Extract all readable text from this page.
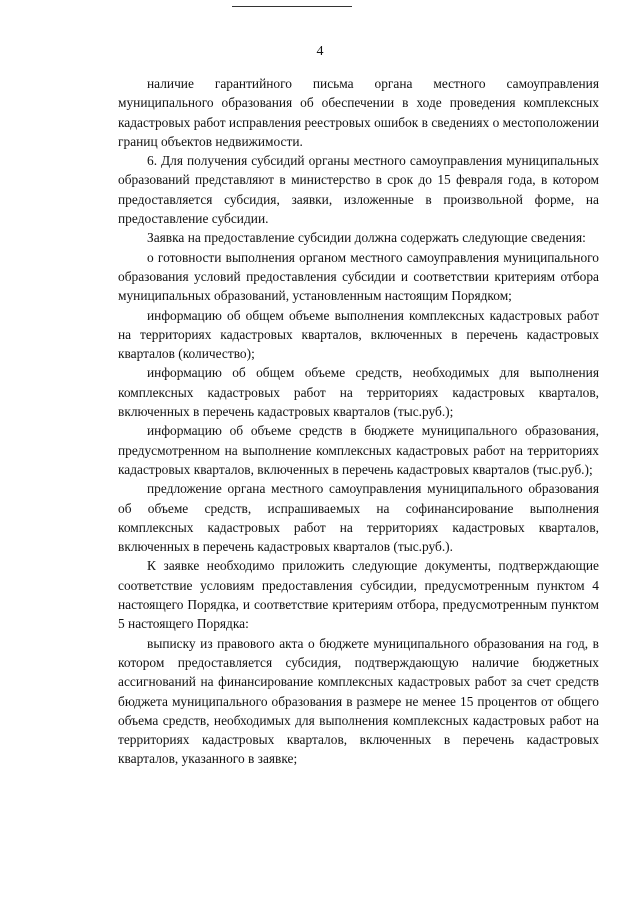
4

наличие гарантийного письма органа местного самоуправления муниципального образования об обеспечении в ходе проведения комплексных кадастровых работ исправления реестровых ошибок в сведениях о местоположении границ объектов недвижимости.

6. Для получения субсидий органы местного самоуправления муниципальных образований представляют в министерство в срок до 15 февраля года, в котором предоставляется субсидия, заявки, изложенные в произвольной форме, на предоставление субсидии.

Заявка на предоставление субсидии должна содержать следующие сведения:

о готовности выполнения органом местного самоуправления муниципального образования условий предоставления субсидии и соответствии критериям отбора муниципальных образований, установленным настоящим Порядком;

информацию об общем объеме выполнения комплексных кадастровых работ на территориях кадастровых кварталов, включенных в перечень кадастровых кварталов (количество);

информацию об общем объеме средств, необходимых для выполнения комплексных кадастровых работ на территориях кадастровых кварталов, включенных в перечень кадастровых кварталов (тыс.руб.);

информацию об объеме средств в бюджете муниципального образования, предусмотренном на выполнение комплексных кадастровых работ на территориях кадастровых кварталов, включенных в перечень кадастровых кварталов (тыс.руб.);

предложение органа местного самоуправления муниципального образования об объеме средств, испрашиваемых на софинансирование выполнения комплексных кадастровых работ на территориях кадастровых кварталов, включенных в перечень кадастровых кварталов (тыс.руб.).

К заявке необходимо приложить следующие документы, подтверждающие соответствие условиям предоставления субсидии, предусмотренным пунктом 4 настоящего Порядка, и соответствие критериям отбора, предусмотренным пунктом 5 настоящего Порядка:

выписку из правового акта о бюджете муниципального образования на год, в котором предоставляется субсидия, подтверждающую наличие бюджетных ассигнований на финансирование комплексных кадастровых работ за счет средств бюджета муниципального образования в размере не менее 15 процентов от общего объема средств, необходимых для выполнения комплексных кадастровых работ на территориях кадастровых кварталов, включенных в перечень кадастровых кварталов, указанного в заявке;
